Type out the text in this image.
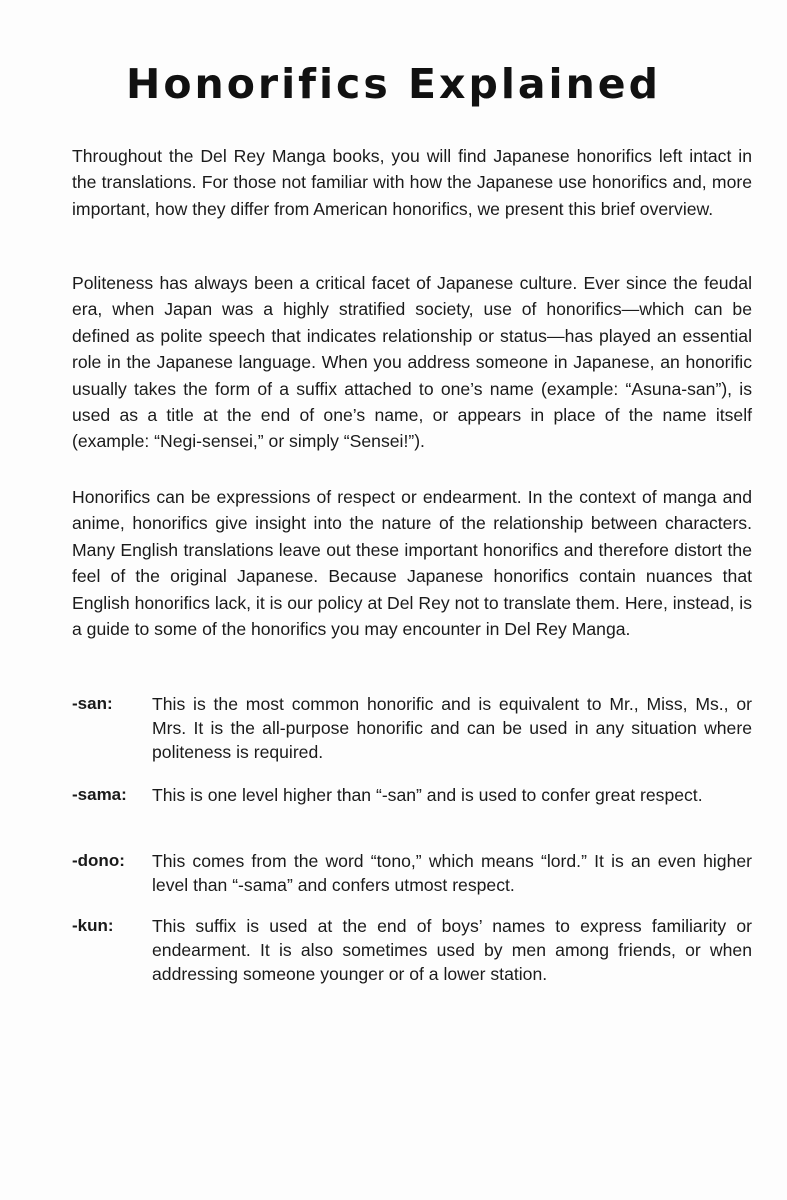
Honorifics Explained

Throughout the Del Rey Manga books, you will find Japanese honorifics left intact in the translations. For those not familiar with how the Japanese use honorifics and, more important, how they differ from American honorifics, we present this brief overview.

Politeness has always been a critical facet of Japanese culture. Ever since the feudal era, when Japan was a highly stratified society, use of honorifics—which can be defined as polite speech that indicates relationship or status—has played an essential role in the Japanese language. When you address someone in Japanese, an honorific usually takes the form of a suffix attached to one’s name (example: “Asuna-san”), is used as a title at the end of one’s name, or appears in place of the name itself (example: “Negi-sensei,” or simply “Sensei!”).

Honorifics can be expressions of respect or endearment. In the context of manga and anime, honorifics give insight into the nature of the relationship between characters. Many English translations leave out these important honorifics and therefore distort the feel of the original Japanese. Because Japanese honorifics contain nuances that English honorifics lack, it is our policy at Del Rey not to translate them. Here, instead, is a guide to some of the honorifics you may encounter in Del Rey Manga.

-san: This is the most common honorific and is equivalent to Mr., Miss, Ms., or Mrs. It is the all-purpose honorific and can be used in any situation where politeness is required.
-sama: This is one level higher than “-san” and is used to confer great respect.
-dono: This comes from the word “tono,” which means “lord.” It is an even higher level than “-sama” and confers utmost respect.
-kun: This suffix is used at the end of boys’ names to express familiarity or endearment. It is also sometimes used by men among friends, or when addressing someone younger or of a lower station.
